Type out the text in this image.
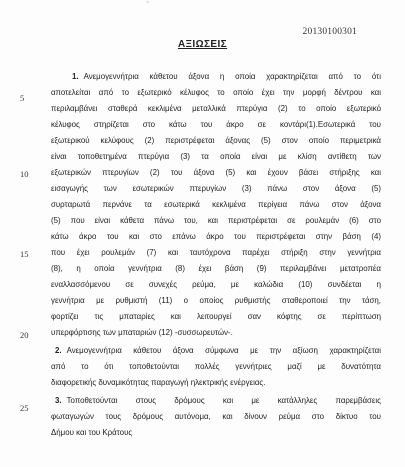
~
20130100301
ΑΞΙΩΣΕΙΣ
5
10
15
20
25
1. Ανεμογεννήτρια κάθετου άξονα η οποία χαρακτηρίζεται από το ότι
αποτελείται από το εξωτερικό κέλυφος το οποίο έχει την μορφή δέντρου και
περιλαμβάνει σταθερά κεκλιμένα μεταλλικά πτερύγια (2) το οποίο εξωτερικό
κέλυφος στηρίζεται στο κάτω του άκρο σε κοντάρι(1).Εσωτερικά του
εξωτερικού κελύφους (2) περιστρέφεται άξονας (5) στον οποίο περιμετρικά
είναι τοποθετημένα πτερύγια (3) τα οποία είναι με κλίση αντίθετη των
εξωτερικών πτερυγίων (2) του άξονα (5) και έχουν βάσει στήριξης και
εισαγωγής των εσωτερικών πτερυγίων (3) πάνω στον άξονα (5)
συρταρωτά περνάνε τα εσωτερικά κεκλιμένα περίγεια πάνω στον άξονα
(5) που είναι κάθετα πάνω του, και περιστρέφεται σε ρουλεμάν (6) στο
κάτω άκρο του και στο επάνω άκρο του περιστρέφεται στην βάση (4)
που έχει ρουλεμάν (7) και ταυτόχρονα παρέχει στήριξη στην γεννήτρια
(8), η οποία γεννήτρια (8) έχει βάση (9) περιλαμβάνει μετατροπέα
εναλλασσόμενου σε συνεχές ρεύμα, με καλώδια (10) συνδέεται η
γεννήτρια με ρυθμιστή (11) ο οποίος ρυθμιστής σταθεροποιεί την τάση,
φορτίζει τις μπαταρίες και λειτουργεί σαν κόφτης σε περίπτωση
υπερφόρτισης των μπαταριών (12) -συσσωρευτών-.
2. Ανεμογεννήτρια κάθετου άξονα σύμφωνα με την αξίωση χαρακτηρίζεται
από το ότι τοποθετούνται πολλές γεννήτριες μαζί με δυνατότητα
διαφορετικής δυναμικότητας παραγωγή ηλεκτρικής ενέργειας.
3. Τοποθετούνται στους δρόμους και με κατάλληλες παρεμβάσεις
φωταγωγών τους δρόμους αυτόνομα, και δίνουν ρεύμα στο δίκτυο του
Δήμου και του Κράτους
